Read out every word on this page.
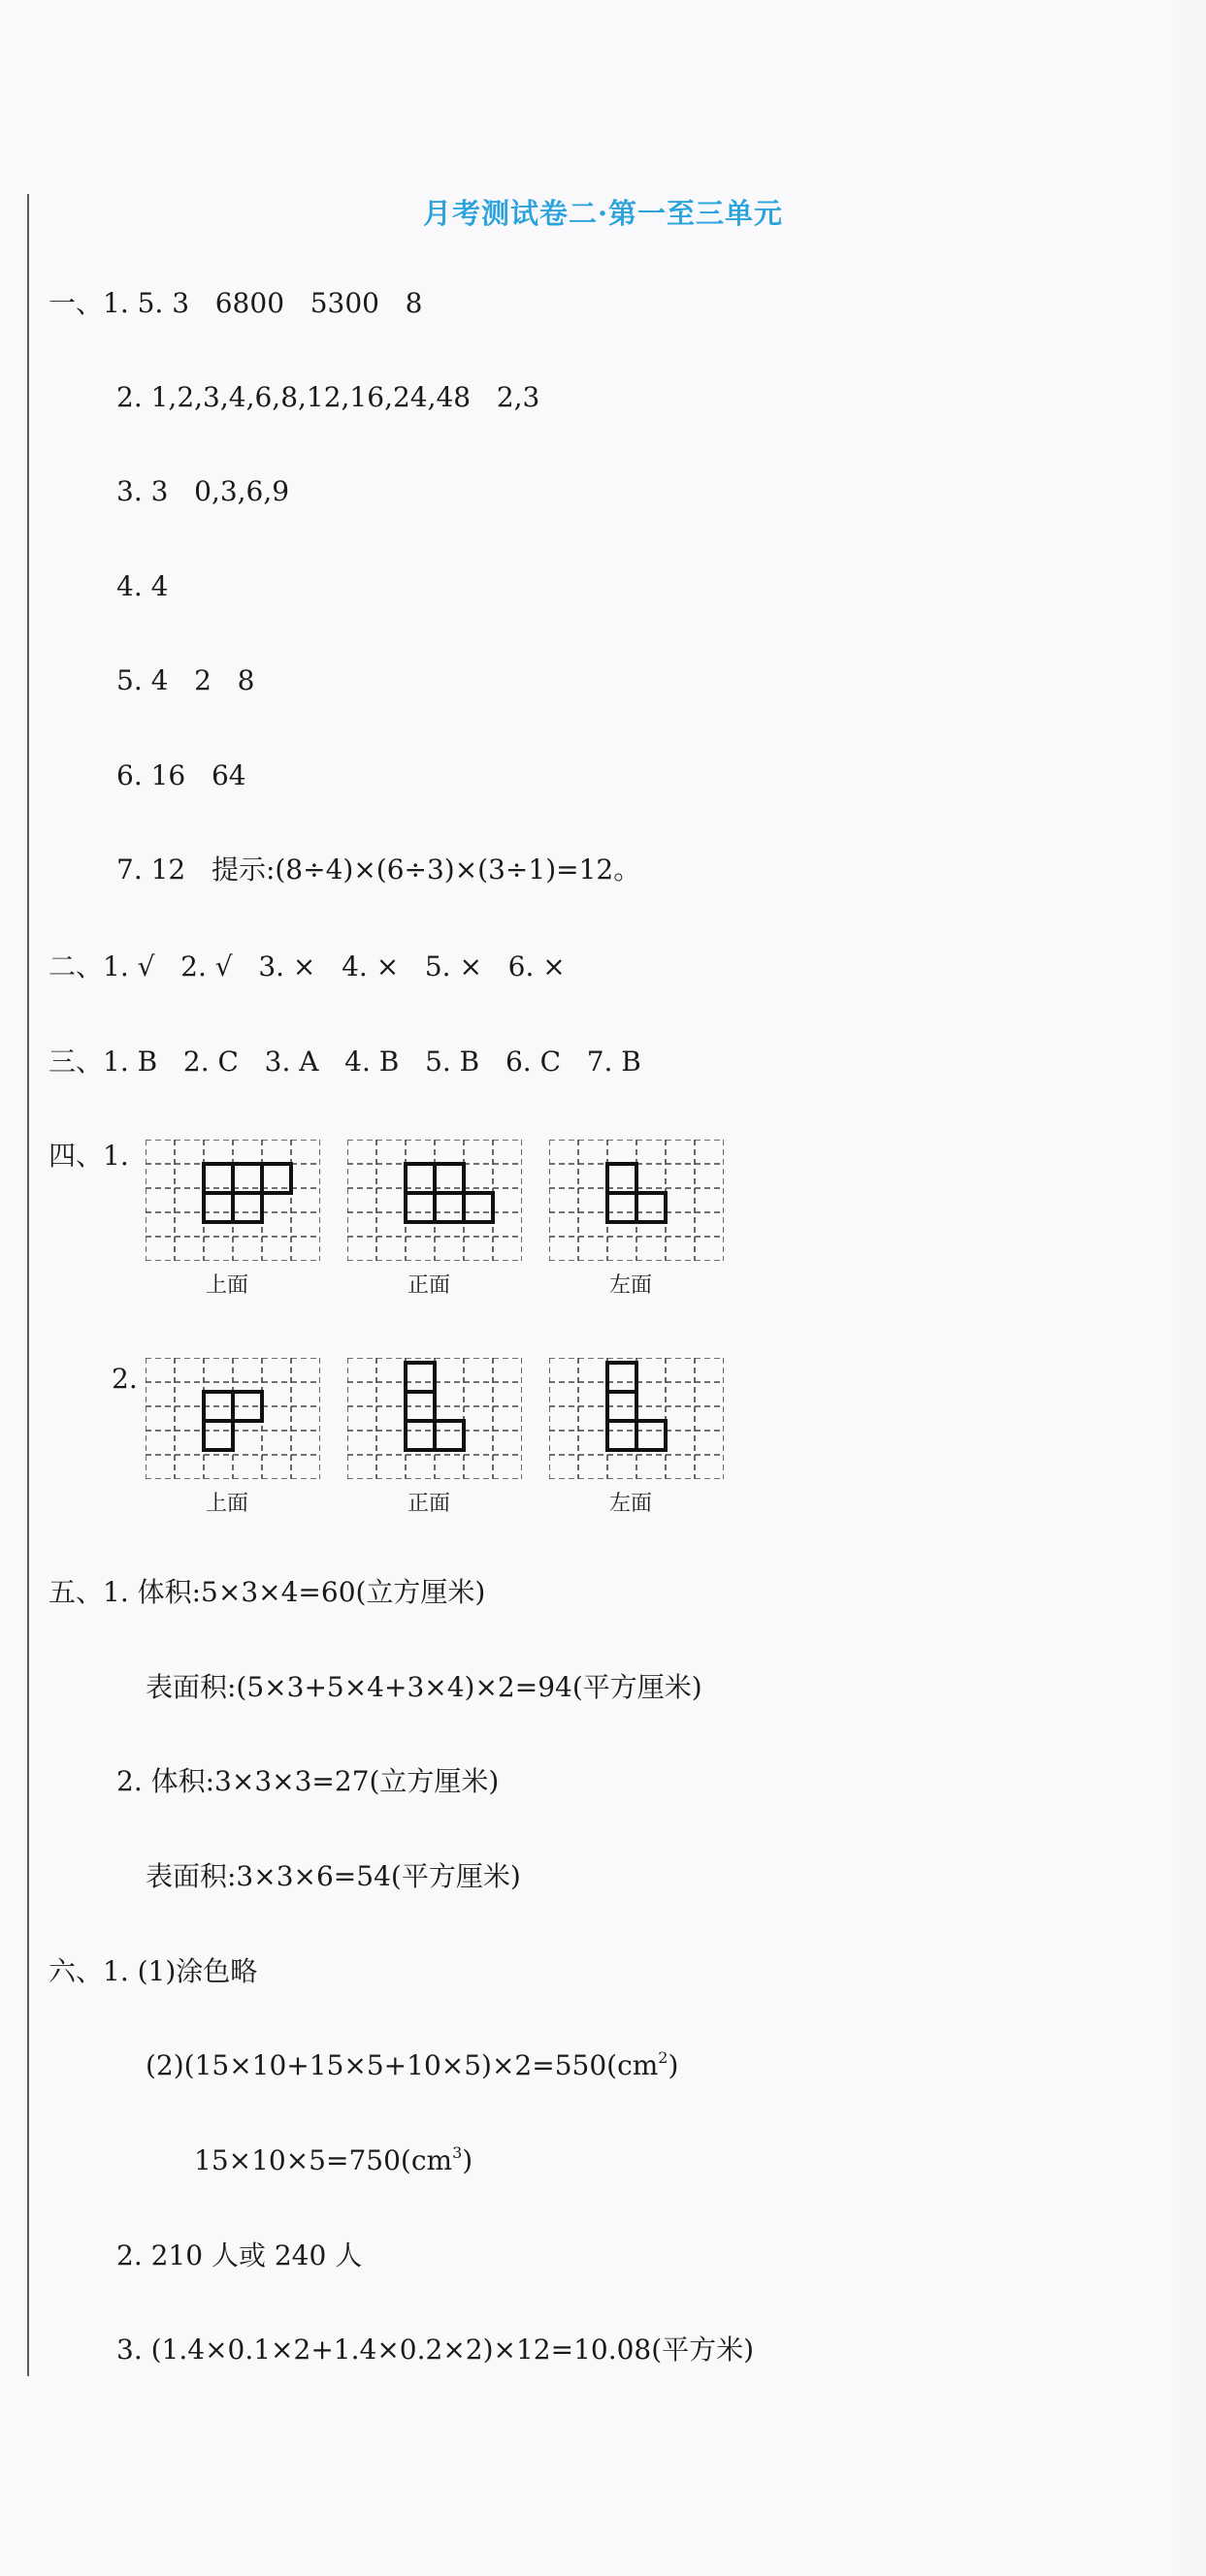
月考测试卷二·第一至三单元
一、1. 5. 3   6800   5300   8
2. 1,2,3,4,6,8,12,16,24,48   2,3
3. 3   0,3,6,9
4. 4
5. 4   2   8
6. 16   64
7. 12   提示:(8÷4)×(6÷3)×(3÷1)=12。
二、1. √   2. √   3. ×   4. ×   5. ×   6. ×
三、1. B   2. C   3. A   4. B   5. B   6. C   7. B
四、1.
上面	正面	左面
2.
上面	正面	左面
五、1. 体积:5×3×4=60(立方厘米)
表面积:(5×3+5×4+3×4)×2=94(平方厘米)
2. 体积:3×3×3=27(立方厘米)
表面积:3×3×6=54(平方厘米)
六、1. (1)涂色略
$(2)(15\times 10+15\times 5+10\times 5)\times 2=550(cm^2)$
$15\times 10\times 5=750(cm^3)$
2. 210 人或 240 人
3. (1.4×0.1×2+1.4×0.2×2)×12=10.08(平方米)
